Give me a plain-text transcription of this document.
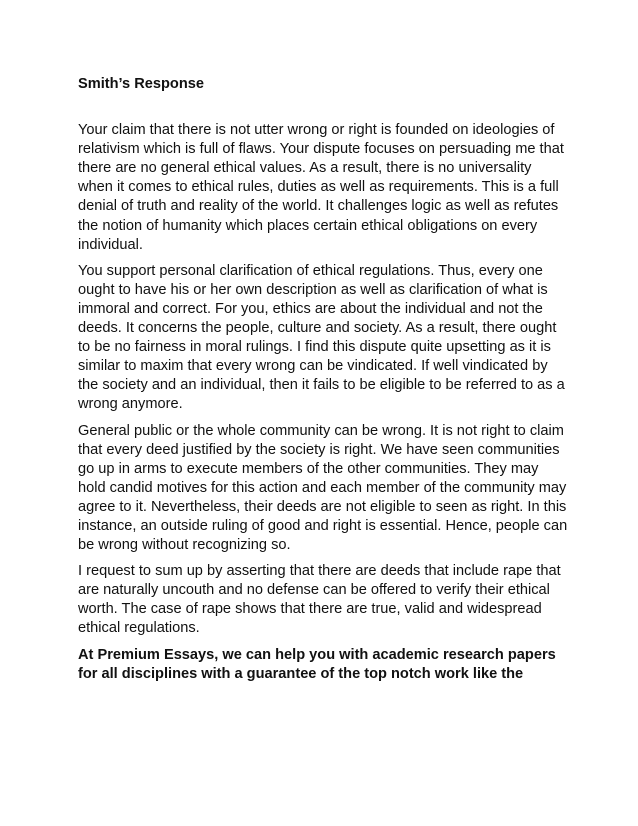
Smith’s Response

Your claim that there is not utter wrong or right is founded on ideologies of relativism which is full of flaws. Your dispute focuses on persuading me that there are no general ethical values. As a result, there is no universality when it comes to ethical rules, duties as well as requirements. This is a full denial of truth and reality of the world. It challenges logic as well as refutes the notion of humanity which places certain ethical obligations on every individual.

You support personal clarification of ethical regulations. Thus, every one ought to have his or her own description as well as clarification of what is immoral and correct. For you, ethics are about the individual and not the deeds. It concerns the people, culture and society. As a result, there ought to be no fairness in moral rulings. I find this dispute quite upsetting as it is similar to maxim that every wrong can be vindicated. If well vindicated by the society and an individual, then it fails to be eligible to be referred to as a wrong anymore.

General public or the whole community can be wrong. It is not right to claim that every deed justified by the society is right. We have seen communities go up in arms to execute members of the other communities. They may hold candid motives for this action and each member of the community may agree to it. Nevertheless, their deeds are not eligible to seen as right. In this instance, an outside ruling of good and right is essential. Hence, people can be wrong without recognizing so.

I request to sum up by asserting that there are deeds that include rape that are naturally uncouth and no defense can be offered to verify their ethical worth. The case of rape shows that there are true, valid and widespread ethical regulations.

At Premium Essays, we can help you with academic research papers for all disciplines with a guarantee of the top notch work like the
